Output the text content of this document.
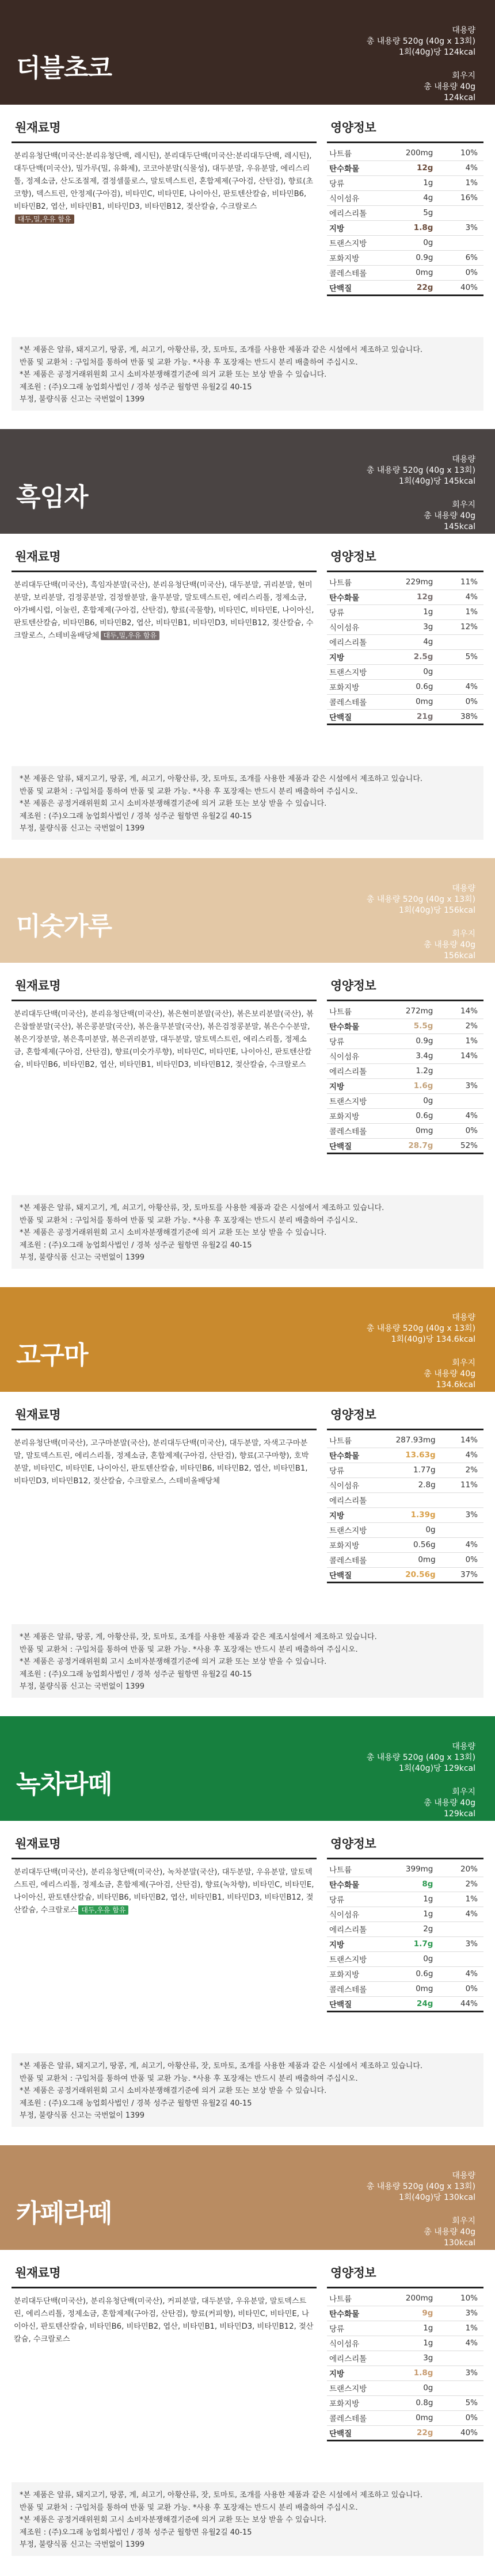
더블초코
대용량
총 내용량 520g (40g x 13회)
1회(40g)당 124kcal
회우지
총 내용량 40g
124kcal
원재료명
분리유청단백(미국산:분리유청단백, 레시틴), 분리대두단백(미국산:분리대두단백, 레시틴), 대두단백(미국산), 밀가루(밀, 유화제), 코코아분말(식물성), 대두분말, 우유분말, 에리스리톨, 정제소금, 산도조절제, 결정셀룰로스, 말토덱스트린, 혼합제제(구아검, 산탄검), 향료(초코향), 덱스트린, 안정제(구아검), 비타민C, 비타민E, 나이아신, 판토텐산칼슘, 비타민B6, 비타민B2, 엽산, 비타민B1, 비타민D3, 비타민B12, 젖산칼슘, 수크랄로스대두,밀,우유 함유
영양정보
나트륨	200mg	10%
탄수화물	12g	4%
당류	1g	1%
식이섬유	4g	16%
에리스리톨	5g	
지방	1.8g	3%
트랜스지방	0g	
포화지방	0.9g	6%
콜레스테롤	0mg	0%
단백질	22g	40%
*본 제품은 알류, 돼지고기, 땅콩, 게, 쇠고기, 아황산류, 잣, 토마토, 조개를 사용한 제품과 같은 시설에서 제조하고 있습니다.
반품 및 교환처 : 구입처를 통하여 반품 및 교환 가능. *사용 후 포장재는 반드시 분리 배출하여 주십시오.
*본 제품은 공정거래위원회 고시 소비자분쟁해결기준에 의거 교환 또는 보상 받을 수 있습니다.
제조원 : (주)오그래 농업회사법인 / 경북 성주군 월항면 유월2길 40-15
부정, 불량식품 신고는 국번없이 1399
흑임자
대용량
총 내용량 520g (40g x 13회)
1회(40g)당 145kcal
회우지
총 내용량 40g
145kcal
원재료명
분리대두단백(미국산), 흑임자분말(국산), 분리유청단백(미국산), 대두분말, 귀리분말, 현미분말, 보리분말, 검정콩분말, 검정쌀분말, 율무분말, 말토덱스트린, 에리스리톨, 정제소금, 아가베시럽, 이눌린, 혼합제제(구아검, 산탄검), 향료(곡물향), 비타민C, 비타민E, 나이아신, 판토텐산칼슘, 비타민B6, 비타민B2, 엽산, 비타민B1, 비타민D3, 비타민B12, 젖산칼슘, 수크랄로스, 스테비올배당체 대두,밀,우유 함유
영양정보
나트륨	229mg	11%
탄수화물	12g	4%
당류	1g	1%
식이섬유	3g	12%
에리스리톨	4g	
지방	2.5g	5%
트랜스지방	0g	
포화지방	0.6g	4%
콜레스테롤	0mg	0%
단백질	21g	38%
*본 제품은 알류, 돼지고기, 땅콩, 게, 쇠고기, 아황산류, 잣, 토마토, 조개를 사용한 제품과 같은 시설에서 제조하고 있습니다.
반품 및 교환처 : 구입처를 통하여 반품 및 교환 가능. *사용 후 포장재는 반드시 분리 배출하여 주십시오.
*본 제품은 공정거래위원회 고시 소비자분쟁해결기준에 의거 교환 또는 보상 받을 수 있습니다.
제조원 : (주)오그래 농업회사법인 / 경북 성주군 월항면 유월2길 40-15
부정, 불량식품 신고는 국번없이 1399
미숫가루
대용량
총 내용량 520g (40g x 13회)
1회(40g)당 156kcal
회우지
총 내용량 40g
156kcal
원재료명
분리대두단백(미국산), 분리유청단백(미국산), 볶은현미분말(국산), 볶은보리분말(국산), 볶은찹쌀분말(국산), 볶은콩분말(국산), 볶은율무분말(국산), 볶은검정콩분말, 볶은수수분말, 볶은기장분말, 볶은흑미분말, 볶은귀리분말, 대두분말, 말토덱스트린, 에리스리톨, 정제소금, 혼합제제(구아검, 산탄검), 향료(미숫가루향), 비타민C, 비타민E, 나이아신, 판토텐산칼슘, 비타민B6, 비타민B2, 엽산, 비타민B1, 비타민D3, 비타민B12, 젖산칼슘, 수크랄로스
영양정보
나트륨	272mg	14%
탄수화물	5.5g	2%
당류	0.9g	1%
식이섬유	3.4g	14%
에리스리톨	1.2g	
지방	1.6g	3%
트랜스지방	0g	
포화지방	0.6g	4%
콜레스테롤	0mg	0%
단백질	28.7g	52%
*본 제품은 알류, 돼지고기, 게, 쇠고기, 아황산류, 잣, 토마토를 사용한 제품과 같은 시설에서 제조하고 있습니다.
반품 및 교환처 : 구입처를 통하여 반품 및 교환 가능. *사용 후 포장재는 반드시 분리 배출하여 주십시오.
*본 제품은 공정거래위원회 고시 소비자분쟁해결기준에 의거 교환 또는 보상 받을 수 있습니다.
제조원 : (주)오그래 농업회사법인 / 경북 성주군 월항면 유월2길 40-15
부정, 불량식품 신고는 국번없이 1399
고구마
대용량
총 내용량 520g (40g x 13회)
1회(40g)당 134.6kcal
회우지
총 내용량 40g
134.6kcal
원재료명
분리유청단백(미국산), 고구마분말(국산), 분리대두단백(미국산), 대두분말, 자색고구마분말, 말토덱스트린, 에리스리톨, 정제소금, 혼합제제(구아검, 산탄검), 향료(고구마향), 호박분말, 비타민C, 비타민E, 나이아신, 판토텐산칼슘, 비타민B6, 비타민B2, 엽산, 비타민B1, 비타민D3, 비타민B12, 젖산칼슘, 수크랄로스, 스테비올배당체
영양정보
나트륨	287.93mg	14%
탄수화물	13.63g	4%
당류	1.77g	2%
식이섬유	2.8g	11%
에리스리톨		
지방	1.39g	3%
트랜스지방	0g	
포화지방	0.56g	4%
콜레스테롤	0mg	0%
단백질	20.56g	37%
*본 제품은 알류, 땅콩, 게, 아황산류, 잣, 토마토, 조개를 사용한 제품과 같은 제조시설에서 제조하고 있습니다.
반품 및 교환처 : 구입처를 통하여 반품 및 교환 가능. *사용 후 포장재는 반드시 분리 배출하여 주십시오.
*본 제품은 공정거래위원회 고시 소비자분쟁해결기준에 의거 교환 또는 보상 받을 수 있습니다.
제조원 : (주)오그래 농업회사법인 / 경북 성주군 월항면 유월2길 40-15
부정, 불량식품 신고는 국번없이 1399
녹차라떼
대용량
총 내용량 520g (40g x 13회)
1회(40g)당 129kcal
회우지
총 내용량 40g
129kcal
원재료명
분리대두단백(미국산), 분리유청단백(미국산), 녹차분말(국산), 대두분말, 우유분말, 말토덱스트린, 에리스리톨, 정제소금, 혼합제제(구아검, 산탄검), 향료(녹차향), 비타민C, 비타민E, 나이아신, 판토텐산칼슘, 비타민B6, 비타민B2, 엽산, 비타민B1, 비타민D3, 비타민B12, 젖산칼슘, 수크랄로스 대두,우유 함유
영양정보
나트륨	399mg	20%
탄수화물	8g	2%
당류	1g	1%
식이섬유	1g	4%
에리스리톨	2g	
지방	1.7g	3%
트랜스지방	0g	
포화지방	0.6g	4%
콜레스테롤	0mg	0%
단백질	24g	44%
*본 제품은 알류, 돼지고기, 땅콩, 게, 쇠고기, 아황산류, 잣, 토마토, 조개를 사용한 제품과 같은 시설에서 제조하고 있습니다.
반품 및 교환처 : 구입처를 통하여 반품 및 교환 가능. *사용 후 포장재는 반드시 분리 배출하여 주십시오.
*본 제품은 공정거래위원회 고시 소비자분쟁해결기준에 의거 교환 또는 보상 받을 수 있습니다.
제조원 : (주)오그래 농업회사법인 / 경북 성주군 월항면 유월2길 40-15
부정, 불량식품 신고는 국번없이 1399
카페라떼
대용량
총 내용량 520g (40g x 13회)
1회(40g)당 130kcal
회우지
총 내용량 40g
130kcal
원재료명
분리대두단백(미국산), 분리유청단백(미국산), 커피분말, 대두분말, 우유분말, 말토덱스트린, 에리스리톨, 정제소금, 혼합제제(구아검, 산탄검), 향료(커피향), 비타민C, 비타민E, 나이아신, 판토텐산칼슘, 비타민B6, 비타민B2, 엽산, 비타민B1, 비타민D3, 비타민B12, 젖산칼슘, 수크랄로스
영양정보
나트륨	200mg	10%
탄수화물	9g	3%
당류	1g	1%
식이섬유	1g	4%
에리스리톨	3g	
지방	1.8g	3%
트랜스지방	0g	
포화지방	0.8g	5%
콜레스테롤	0mg	0%
단백질	22g	40%
*본 제품은 알류, 돼지고기, 땅콩, 게, 쇠고기, 아황산류, 잣, 토마토, 조개를 사용한 제품과 같은 시설에서 제조하고 있습니다.
반품 및 교환처 : 구입처를 통하여 반품 및 교환 가능. *사용 후 포장재는 반드시 분리 배출하여 주십시오.
*본 제품은 공정거래위원회 고시 소비자분쟁해결기준에 의거 교환 또는 보상 받을 수 있습니다.
제조원 : (주)오그래 농업회사법인 / 경북 성주군 월항면 유월2길 40-15
부정, 불량식품 신고는 국번없이 1399
